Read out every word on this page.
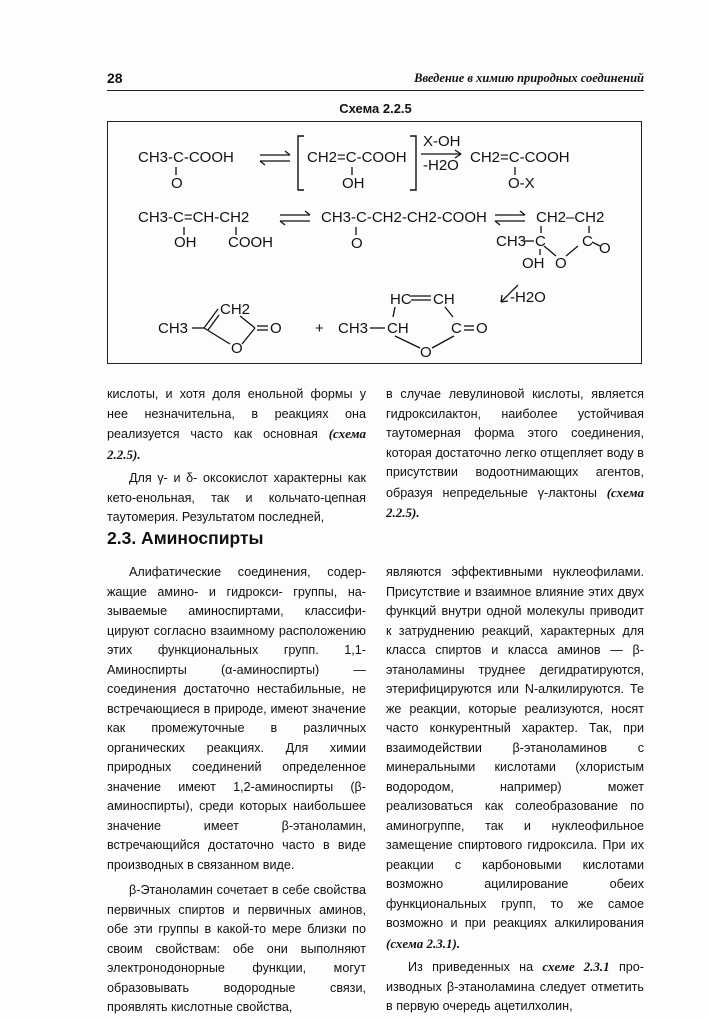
28	Введение в химию природных соединений
Схема 2.2.5
CH3-C-COOH
O
CH2=C-COOH
OH
X-OH
-H2O CH2=C-COOH
O-X
CH3-C=CH-CH2
OH COOH
CH3-C-CH2-CH2-COOH
O
CH2–CH2
CH3 C C
O
O
OH
-H2O
CH2
CH3
O
O +
HC CH
CH3 CH	C O
O

кислоты, и хотя доля енольной формы у нее незначительна, в реакциях она реализуется часто как основная (схема 2.2.5).

Для γ- и δ- оксокислот характерны как кето-енольная, так и кольчато-цепная таутомерия. Результатом последней,

в случае левулиновой кислоты, является гидроксилактон, наиболее устойчивая таутомерная форма этого соединения, которая достаточно легко отщепляет воду в присутствии водоотнимающих агентов, образуя непредельные γ-лактоны (схема 2.2.5).

2.3. Аминоспирты

Алифатические соединения, содержащие амино- и гидрокси- группы, называемые аминоспиртами, классифицируют согласно взаимному расположению этих функциональных групп. 1,1-Аминоспирты (α-аминоспирты) — соединения достаточно нестабильные, не встречающиеся в природе, имеют значение как промежуточные в различных органических реакциях. Для химии природных соединений определенное значение имеют 1,2-аминоспирты (β-аминоспирты), среди которых наибольшее значение имеет β-этаноламин, встречающийся достаточно часто в виде производных в связанном виде.

β-Этаноламин сочетает в себе свойства первичных спиртов и первичных аминов, обе эти группы в какой-то мере близки по своим свойствам: обе они выполняют электронодонорные функции, могут образовывать водородные связи, проявлять кислотные свойства,

являются эффективными нуклеофилами. Присутствие и взаимное влияние этих двух функций внутри одной молекулы приводит к затруднению реакций, характерных для класса спиртов и класса аминов — β-этаноламины труднее дегидратируются, этерифицируются или N-алкилируются. Те же реакции, которые реализуются, носят часто конкурентный характер. Так, при взаимодействии β-этаноламинов с минеральными кислотами (хлористым водородом, например) может реализоваться как солеобразование по аминогруппе, так и нуклеофильное замещение спиртового гидроксила. При их реакции с карбоновыми кислотами возможно ацилирование обеих функциональных групп, то же самое возможно и при реакциях алкилирования (схема 2.3.1).

Из приведенных на схеме 2.3.1 производных β-этаноламина следует отметить в первую очередь ацетилхолин,
